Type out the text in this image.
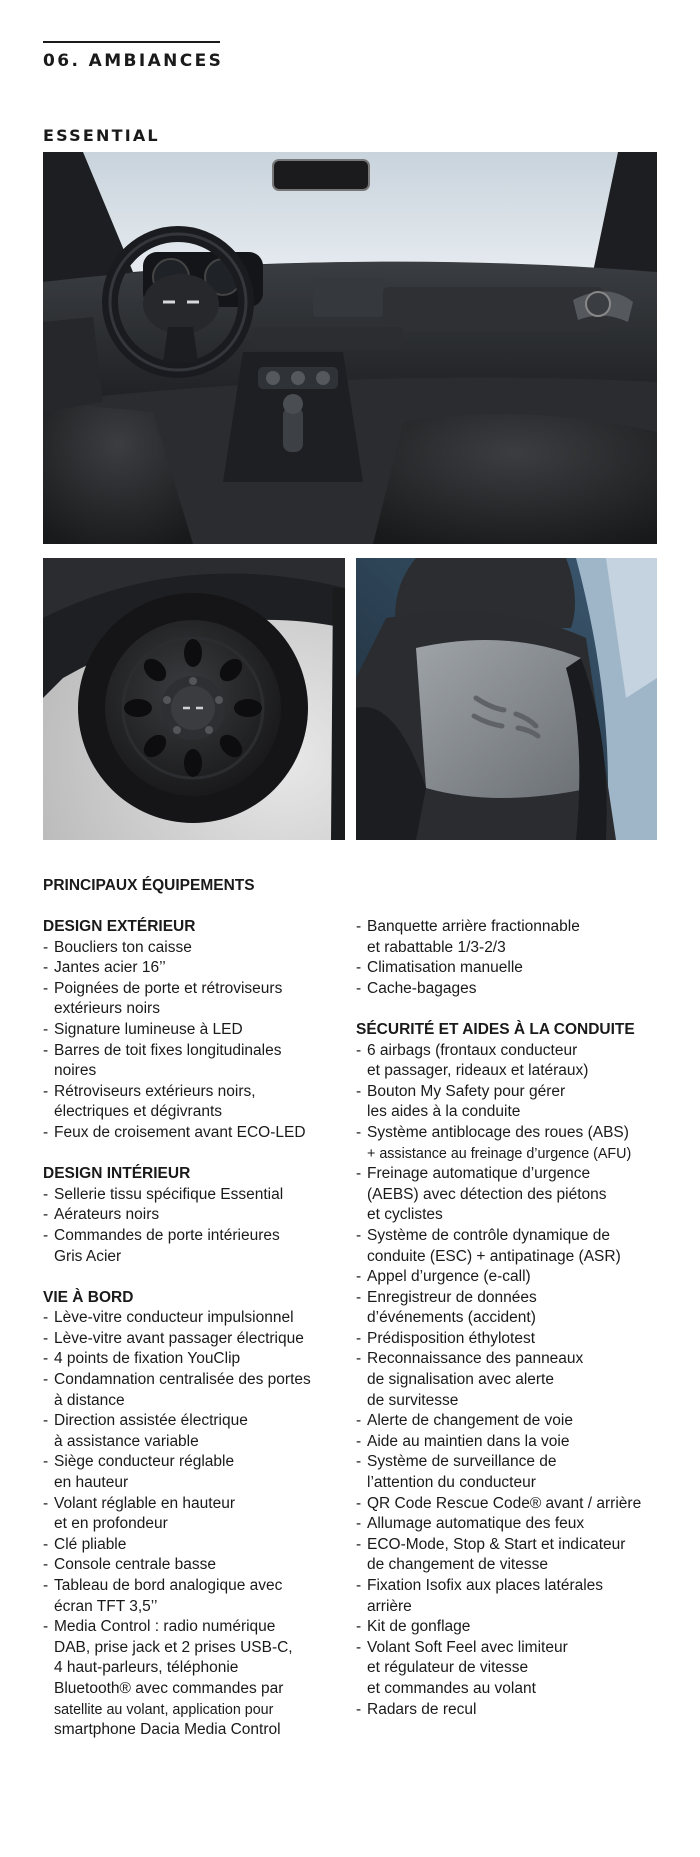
06. AMBIANCES
ESSENTIAL
PRINCIPAUX ÉQUIPEMENTS
DESIGN EXTÉRIEUR
- Boucliers ton caisse
- Jantes acier 16’’
- Poignées de porte et rétroviseurs
extérieurs noirs
- Signature lumineuse à LED
- Barres de toit fixes longitudinales
noires
- Rétroviseurs extérieurs noirs,
électriques et dégivrants
- Feux de croisement avant ECO-LED
DESIGN INTÉRIEUR
- Sellerie tissu spécifique Essential
- Aérateurs noirs
- Commandes de porte intérieures
Gris Acier
VIE À BORD
- Lève-vitre conducteur impulsionnel
- Lève-vitre avant passager électrique
- 4 points de fixation YouClip
- Condamnation centralisée des portes
à distance
- Direction assistée électrique
à assistance variable
- Siège conducteur réglable
en hauteur
- Volant réglable en hauteur
et en profondeur
- Clé pliable
- Console centrale basse
- Tableau de bord analogique avec
écran TFT 3,5’’
- Media Control : radio numérique
DAB, prise jack et 2 prises USB-C,
4 haut-parleurs, téléphonie
Bluetooth® avec commandes par
satellite au volant, application pour
smartphone Dacia Media Control
- Banquette arrière fractionnable
et rabattable 1/3-2/3
- Climatisation manuelle
- Cache-bagages
SÉCURITÉ ET AIDES À LA CONDUITE
- 6 airbags (frontaux conducteur
et passager, rideaux et latéraux)
- Bouton My Safety pour gérer
les aides à la conduite
- Système antiblocage des roues (ABS)
+ assistance au freinage d’urgence (AFU)
- Freinage automatique d’urgence
(AEBS) avec détection des piétons
et cyclistes
- Système de contrôle dynamique de
conduite (ESC) + antipatinage (ASR)
- Appel d’urgence (e-call)
- Enregistreur de données
d’événements (accident)
- Prédisposition éthylotest
- Reconnaissance des panneaux
de signalisation avec alerte
de survitesse
- Alerte de changement de voie
- Aide au maintien dans la voie
- Système de surveillance de
l’attention du conducteur
- QR Code Rescue Code® avant / arrière
- Allumage automatique des feux
- ECO-Mode, Stop & Start et indicateur
de changement de vitesse
- Fixation Isofix aux places latérales
arrière
- Kit de gonflage
- Volant Soft Feel avec limiteur
et régulateur de vitesse
et commandes au volant
- Radars de recul
